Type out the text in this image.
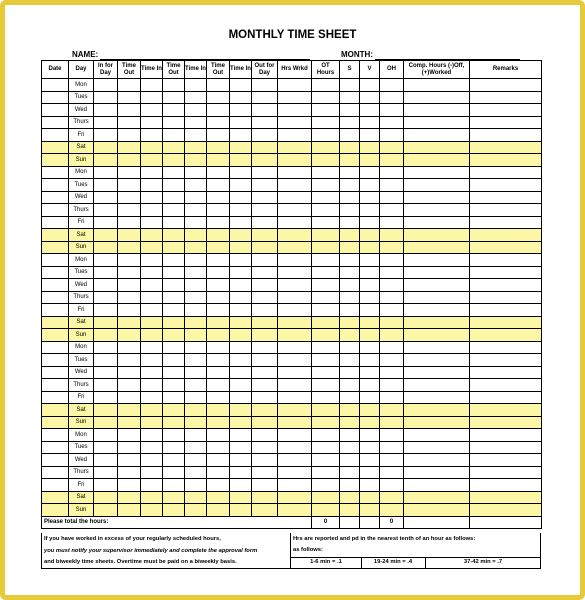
MONTHLY TIME SHEET
NAME:	MONTH:
Date	Day	In for Day	Time Out	Time In	Time Out	Time In	Time Out	Time In	Out for Day	Hrs Wrkd	OT Hours	S	V	OH	Comp. Hours (-)Off, (+)Worked	Remarks
	Mon															
	Tues															
	Wed															
	Thurs															
	Fri															
	Sat															
	Sun															
	Mon															
	Tues															
	Wed															
	Thurs															
	Fri															
	Sat															
	Sun															
	Mon															
	Tues															
	Wed															
	Thurs															
	Fri															
	Sat															
	Sun															
	Mon															
	Tues															
	Wed															
	Thurs															
	Fri															
	Sat															
	Sun															
	Mon															
	Tues															
	Wed															
	Thurs															
	Fri															
	Sat															
	Sun															
Please total the hours:											0			0		
If you have worked in excess of your regularly scheduled hours,
you must notify your supervisor immediately and complete the approval form
and biweekly time sheets. Overtime must be paid on a biweekly basis.
Hrs are reported and pd in the nearest tenth of an hour as follows:
as follows:
1-6 min = .1	19-24 min = .4	37-42 min = .7
